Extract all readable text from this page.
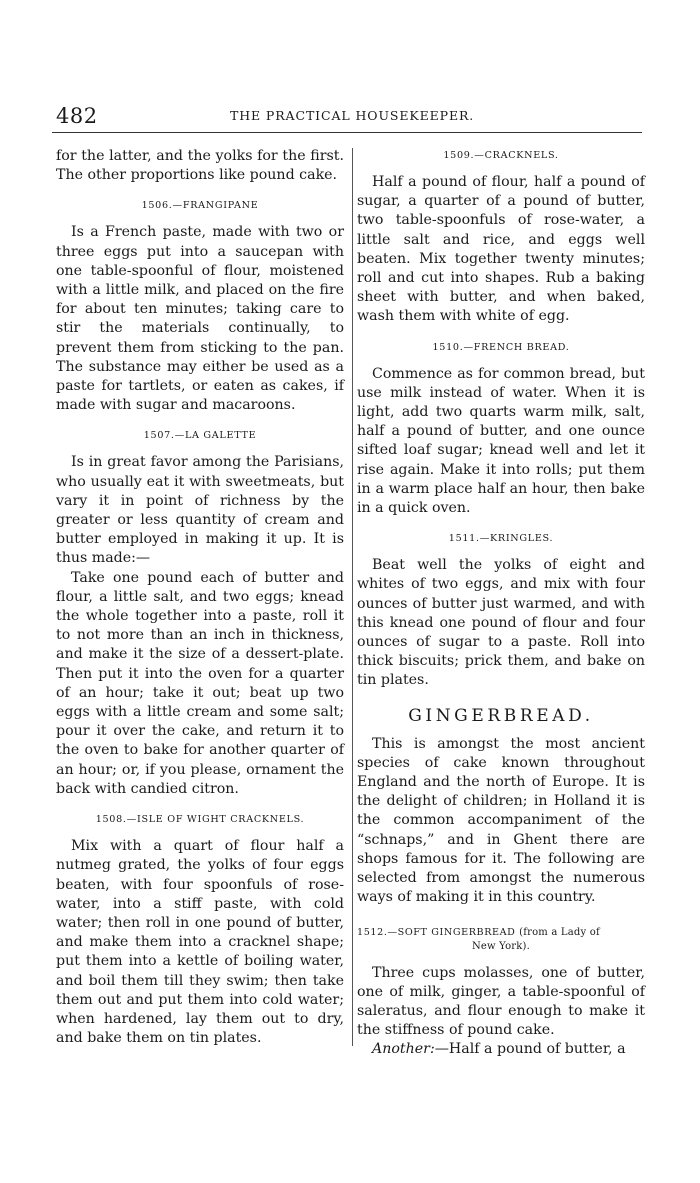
482	THE PRACTICAL HOUSEKEEPER.

for the latter, and the yolks for the first. The other proportions like pound cake.

1506.—FRANGIPANE

Is a French paste, made with two or three eggs put into a saucepan with one table-spoonful of flour, moistened with a little milk, and placed on the fire for about ten minutes; taking care to stir the materials continually, to prevent them from sticking to the pan. The substance may either be used as a paste for tartlets, or eaten as cakes, if made with sugar and macaroons.

1507.—LA GALETTE

Is in great favor among the Parisians, who usually eat it with sweetmeats, but vary it in point of richness by the greater or less quantity of cream and butter employed in making it up. It is thus made:—

Take one pound each of butter and flour, a little salt, and two eggs; knead the whole together into a paste, roll it to not more than an inch in thickness, and make it the size of a dessert-plate. Then put it into the oven for a quarter of an hour; take it out; beat up two eggs with a little cream and some salt; pour it over the cake, and return it to the oven to bake for another quarter of an hour; or, if you please, ornament the back with candied citron.

1508.—ISLE OF WIGHT CRACKNELS.

Mix with a quart of flour half a nutmeg grated, the yolks of four eggs beaten, with four spoonfuls of rose-water, into a stiff paste, with cold water; then roll in one pound of butter, and make them into a cracknel shape; put them into a kettle of boiling water, and boil them till they swim; then take them out and put them into cold water; when hardened, lay them out to dry, and bake them on tin plates.

1509.—CRACKNELS.

Half a pound of flour, half a pound of sugar, a quarter of a pound of butter, two table-spoonfuls of rose-water, a little salt and rice, and eggs well beaten. Mix together twenty minutes; roll and cut into shapes. Rub a baking sheet with butter, and when baked, wash them with white of egg.

1510.—FRENCH BREAD.

Commence as for common bread, but use milk instead of water. When it is light, add two quarts warm milk, salt, half a pound of butter, and one ounce sifted loaf sugar; knead well and let it rise again. Make it into rolls; put them in a warm place half an hour, then bake in a quick oven.

1511.—KRINGLES.

Beat well the yolks of eight and whites of two eggs, and mix with four ounces of butter just warmed, and with this knead one pound of flour and four ounces of sugar to a paste. Roll into thick biscuits; prick them, and bake on tin plates.

GINGERBREAD.

This is amongst the most ancient species of cake known throughout England and the north of Europe. It is the delight of children; in Holland it is the common accompaniment of the “schnaps,” and in Ghent there are shops famous for it. The following are selected from amongst the numerous ways of making it in this country.

1512.—SOFT GINGERBREAD (from a Lady of
New York).

Three cups molasses, one of butter, one of milk, ginger, a table-spoonful of saleratus, and flour enough to make it the stiffness of pound cake.

Another:—Half a pound of butter, a
